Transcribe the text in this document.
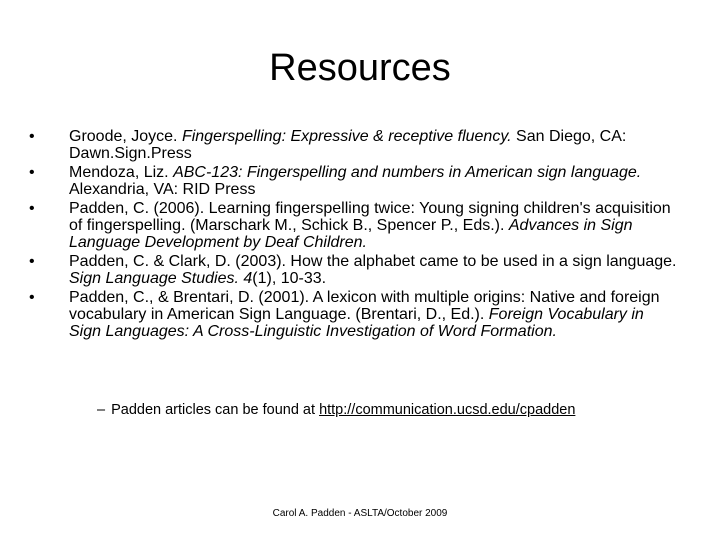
Resources
• Groode, Joyce. Fingerspelling: Expressive & receptive fluency. San Diego, CA: Dawn.Sign.Press
• Mendoza, Liz. ABC-123: Fingerspelling and numbers in American sign language. Alexandria, VA: RID Press
• Padden, C. (2006). Learning fingerspelling twice: Young signing children's acquisition of fingerspelling. (Marschark M., Schick B., Spencer P., Eds.). Advances in Sign Language Development by Deaf Children.
• Padden, C. & Clark, D. (2003). How the alphabet came to be used in a sign language. Sign Language Studies. 4(1), 10-33.
• Padden, C., & Brentari, D. (2001). A lexicon with multiple origins: Native and foreign vocabulary in American Sign Language. (Brentari, D., Ed.). Foreign Vocabulary in Sign Languages: A Cross-Linguistic Investigation of Word Formation.
– Padden articles can be found at http://communication.ucsd.edu/cpadden
Carol A. Padden - ASLTA/October 2009
